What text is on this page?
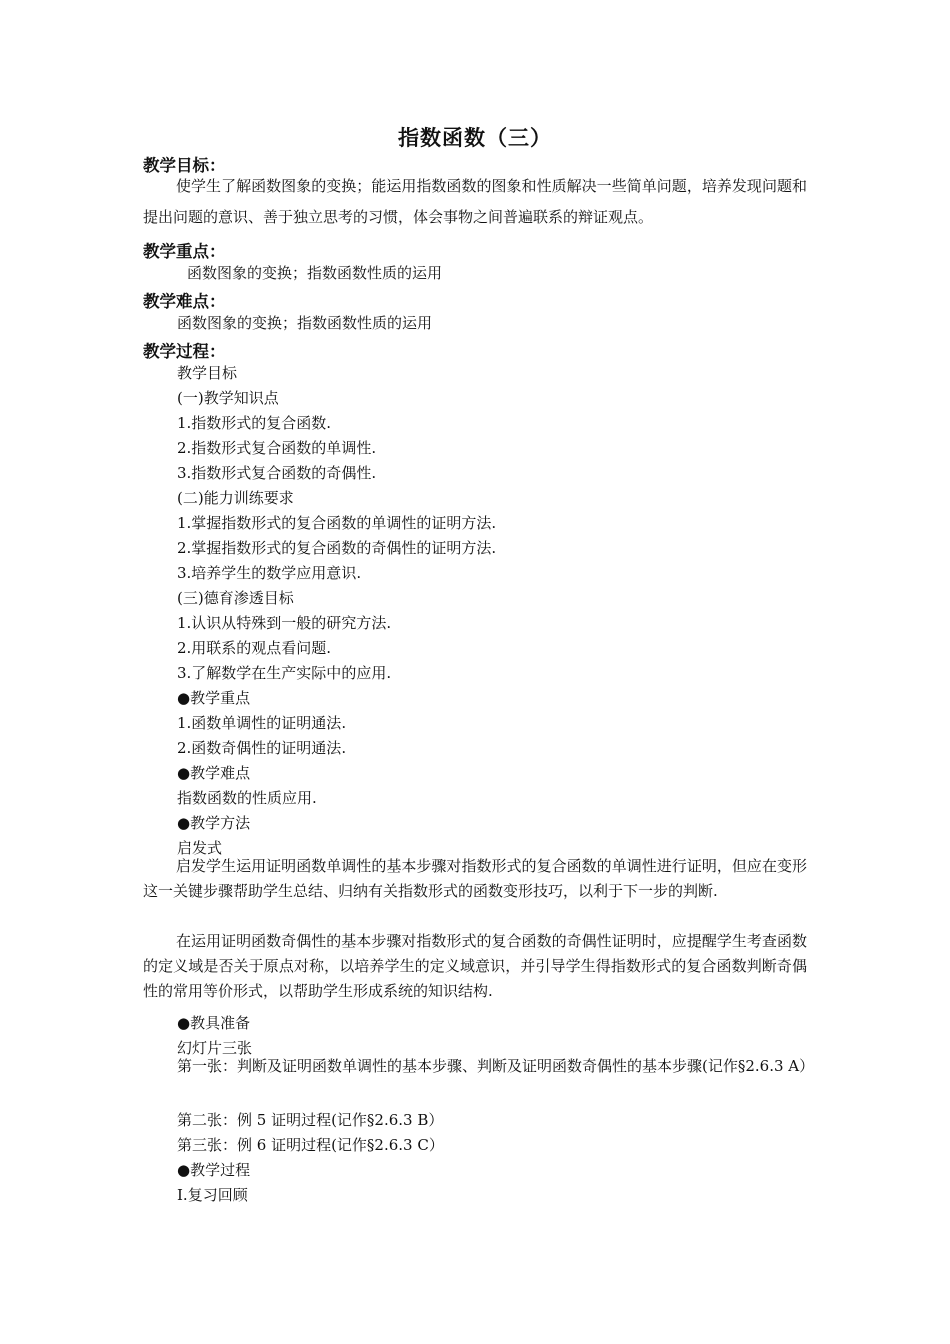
指数函数（三）
教学目标：
使学生了解函数图象的变换；能运用指数函数的图象和性质解决一些简单问题，培养发现问题和提出问题的意识、善于独立思考的习惯，体会事物之间普遍联系的辩证观点。
教学重点：
函数图象的变换；指数函数性质的运用
教学难点：
函数图象的变换；指数函数性质的运用
教学过程：
教学目标
(一)教学知识点
1.指数形式的复合函数.
2.指数形式复合函数的单调性.
3.指数形式复合函数的奇偶性.
(二)能力训练要求
1.掌握指数形式的复合函数的单调性的证明方法.
2.掌握指数形式的复合函数的奇偶性的证明方法.
3.培养学生的数学应用意识.
(三)德育渗透目标
1.认识从特殊到一般的研究方法.
2.用联系的观点看问题.
3.了解数学在生产实际中的应用.
●教学重点
1.函数单调性的证明通法.
2.函数奇偶性的证明通法.
●教学难点
指数函数的性质应用.
●教学方法
启发式
启发学生运用证明函数单调性的基本步骤对指数形式的复合函数的单调性进行证明，但应在变形这一关键步骤帮助学生总结、归纳有关指数形式的函数变形技巧，以利于下一步的判断.
在运用证明函数奇偶性的基本步骤对指数形式的复合函数的奇偶性证明时，应提醒学生考查函数的定义域是否关于原点对称，以培养学生的定义域意识，并引导学生得指数形式的复合函数判断奇偶性的常用等价形式，以帮助学生形成系统的知识结构.
●教具准备
幻灯片三张
第一张：判断及证明函数单调性的基本步骤、判断及证明函数奇偶性的基本步骤(记作§2.6.3 A）
第二张：例 5 证明过程(记作§2.6.3 B）
第三张：例 6 证明过程(记作§2.6.3 C）
●教学过程
Ⅰ.复习回顾
